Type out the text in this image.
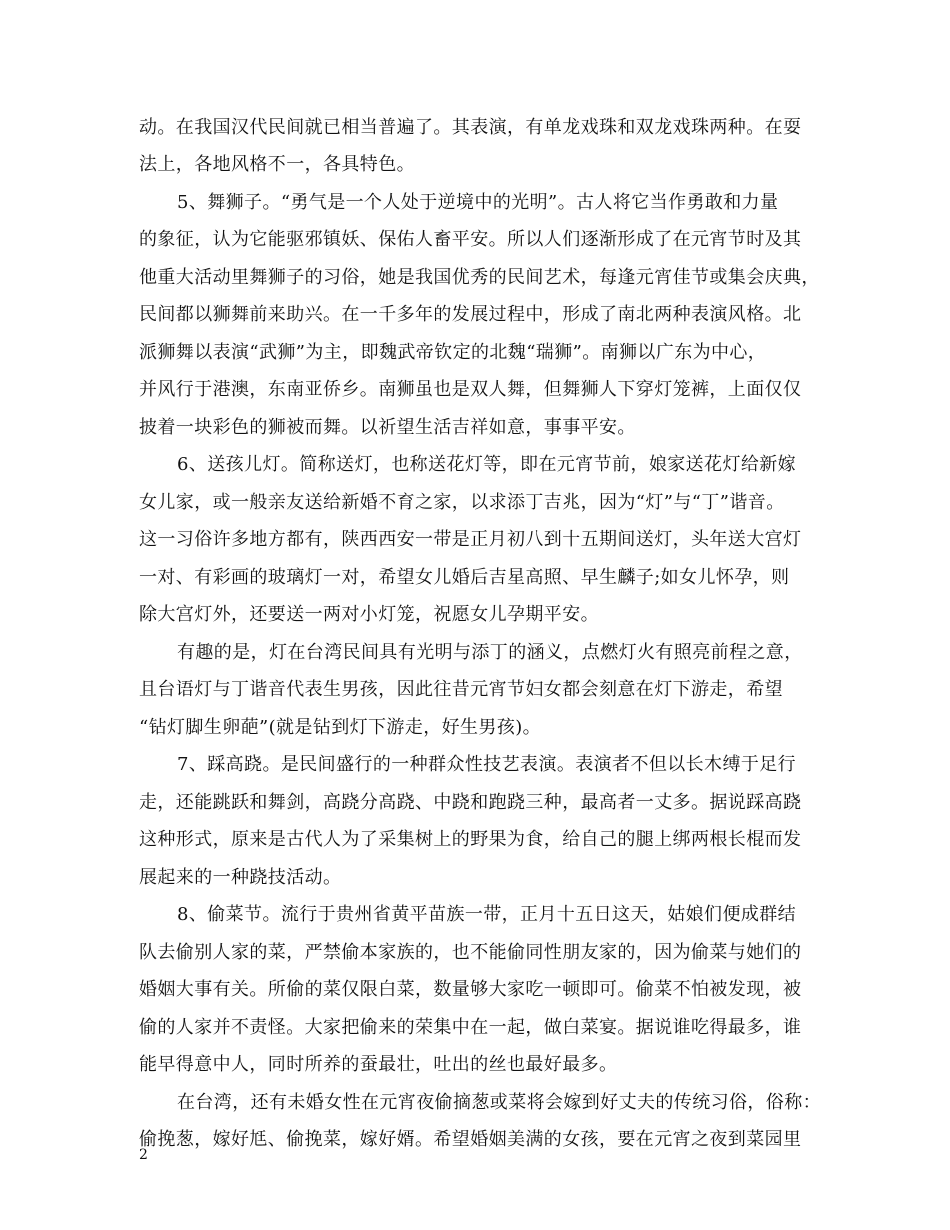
动。在我国汉代民间就已相当普遍了。其表演，有单龙戏珠和双龙戏珠两种。在耍

法上，各地风格不一，各具特色。

5、舞狮子。“勇气是一个人处于逆境中的光明”。古人将它当作勇敢和力量

的象征，认为它能驱邪镇妖、保佑人畜平安。所以人们逐渐形成了在元宵节时及其

他重大活动里舞狮子的习俗，她是我国优秀的民间艺术，每逢元宵佳节或集会庆典，

民间都以狮舞前来助兴。在一千多年的发展过程中，形成了南北两种表演风格。北

派狮舞以表演“武狮”为主，即魏武帝钦定的北魏“瑞狮”。南狮以广东为中心，

并风行于港澳，东南亚侨乡。南狮虽也是双人舞，但舞狮人下穿灯笼裤，上面仅仅

披着一块彩色的狮被而舞。以祈望生活吉祥如意，事事平安。

6、送孩儿灯。简称送灯，也称送花灯等，即在元宵节前，娘家送花灯给新嫁

女儿家，或一般亲友送给新婚不育之家，以求添丁吉兆，因为“灯”与“丁”谐音。

这一习俗许多地方都有，陕西西安一带是正月初八到十五期间送灯，头年送大宫灯

一对、有彩画的玻璃灯一对，希望女儿婚后吉星高照、早生麟子;如女儿怀孕，则

除大宫灯外，还要送一两对小灯笼，祝愿女儿孕期平安。

有趣的是，灯在台湾民间具有光明与添丁的涵义，点燃灯火有照亮前程之意，

且台语灯与丁谐音代表生男孩，因此往昔元宵节妇女都会刻意在灯下游走，希望

“钻灯脚生卵葩”(就是钻到灯下游走，好生男孩)。

7、踩高跷。是民间盛行的一种群众性技艺表演。表演者不但以长木缚于足行

走，还能跳跃和舞剑，高跷分高跷、中跷和跑跷三种，最高者一丈多。据说踩高跷

这种形式，原来是古代人为了采集树上的野果为食，给自己的腿上绑两根长棍而发

展起来的一种跷技活动。

8、偷菜节。流行于贵州省黄平苗族一带，正月十五日这天，姑娘们便成群结

队去偷别人家的菜，严禁偷本家族的，也不能偷同性朋友家的，因为偷菜与她们的

婚姻大事有关。所偷的菜仅限白菜，数量够大家吃一顿即可。偷菜不怕被发现，被

偷的人家并不责怪。大家把偷来的荣集中在一起，做白菜宴。据说谁吃得最多，谁

能早得意中人，同时所养的蚕最壮，吐出的丝也最好最多。

在台湾，还有未婚女性在元宵夜偷摘葱或菜将会嫁到好丈夫的传统习俗，俗称：

偷挽葱，嫁好尪、偷挽菜，嫁好婿。希望婚姻美满的女孩，要在元宵之夜到菜园里

2
